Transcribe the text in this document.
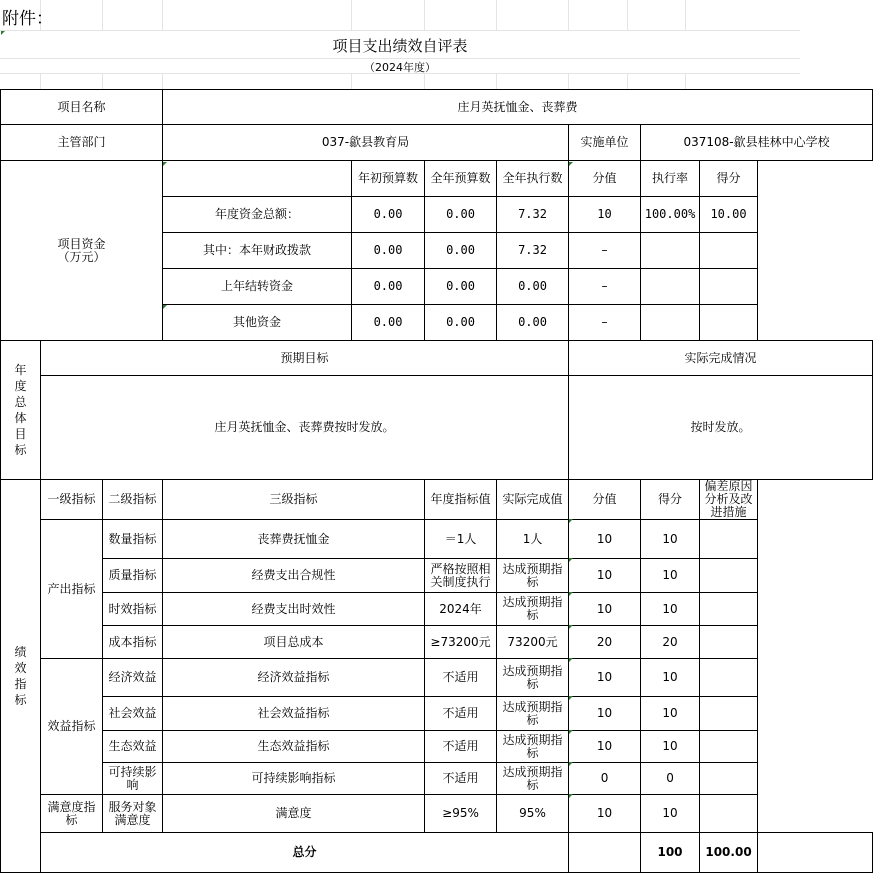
附件：
项目支出绩效自评表
（2024年度）
项目名称			庄月英抚恤金、丧葬费							
主管部门			037-歙县教育局				实施单位	037108-歙县桂林中心学校		
项目资金
（万元）				年初预算数	全年预算数	全年执行数	分值	执行率	得分	
			年度资金总额：	0.00	0.00	7.32	10	100.00%	10.00	
			其中：本年财政拨款	0.00	0.00	7.32	–			
			上年结转资金	0.00	0.00	0.00	–			
			其他资金	0.00	0.00	0.00	–			
年度总体目标	预期目标						实际完成情况			
	庄月英抚恤金、丧葬费按时发放。						按时发放。			
绩效指标	一级指标	二级指标	三级指标		年度指标值	实际完成值	分值	得分	偏差原因分析及改进措施	
	产出指标	数量指标	丧葬费抚恤金		＝1人	1人	10	10		
		质量指标	经费支出合规性		严格按照相关制度执行	达成预期指标	10	10		
		时效指标	经费支出时效性		2024年	达成预期指标	10	10		
		成本指标	项目总成本		≥73200元	73200元	20	20		
	效益指标	经济效益	经济效益指标		不适用	达成预期指标	10	10		
		社会效益	社会效益指标		不适用	达成预期指标	10	10		
		生态效益	生态效益指标		不适用	达成预期指标	10	10		
		可持续影响	可持续影响指标		不适用	达成预期指标	0	0		
	满意度指标	服务对象满意度	满意度		≥95%	95%	10	10		
	总分							100	100.00	
